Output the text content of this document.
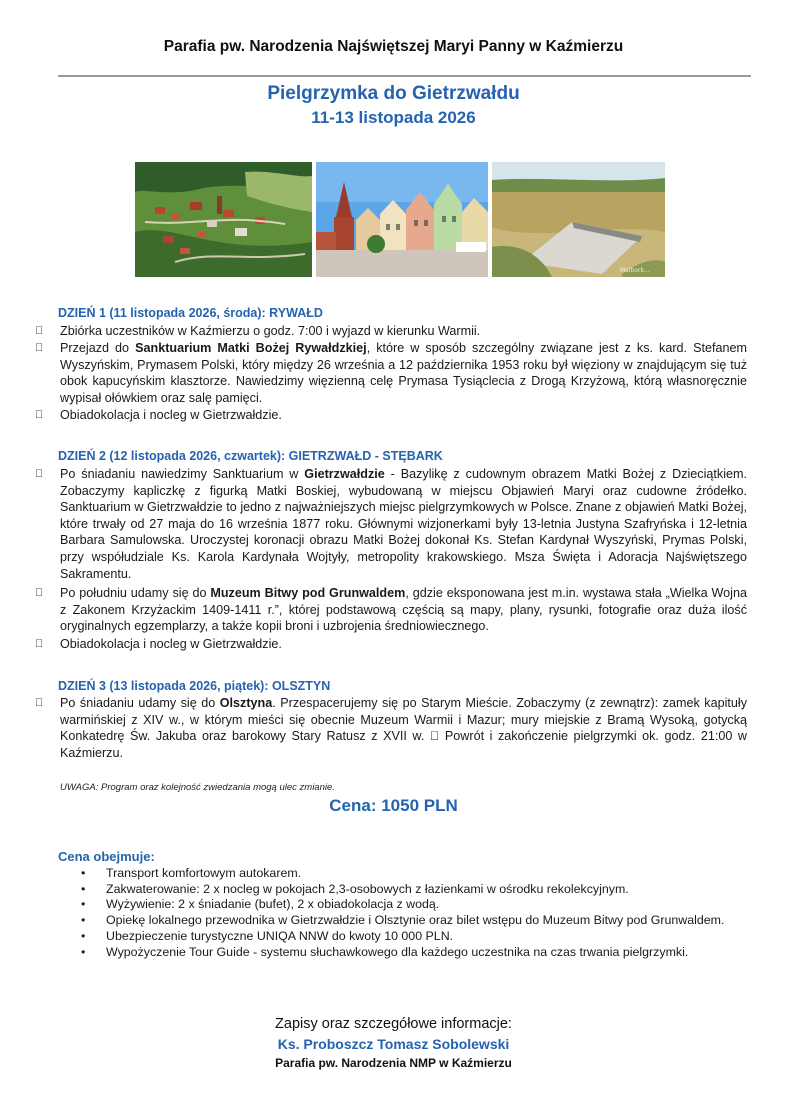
Parafia pw. Narodzenia Najświętszej Maryi Panny w Kaźmierzu
Pielgrzymka do Gietrzwałdu
11-13 listopada 2026
Malbork...
DZIEŃ 1 (11 listopada 2026, środa): RYWAŁD
Zbiórka uczestników w Kaźmierzu o godz. 7:00 i wyjazd w kierunku Warmii.
Przejazd do Sanktuarium Matki Bożej Rywałdzkiej, które w sposób szczególny związane jest z ks. kard. Stefanem Wyszyńskim, Prymasem Polski, który między 26 września a 12 października 1953 roku był więziony w znajdującym się tuż obok kapucyńskim klasztorze. Nawiedzimy więzienną celę Prymasa Tysiąclecia z Drogą Krzyżową, którą własnoręcznie wypisał ołówkiem oraz salę pamięci.
Obiadokolacja i nocleg w Gietrzwałdzie.
DZIEŃ 2 (12 listopada 2026, czwartek): GIETRZWAŁD - STĘBARK
Po śniadaniu nawiedzimy Sanktuarium w Gietrzwałdzie - Bazylikę z cudownym obrazem Matki Bożej z Dzieciątkiem. Zobaczymy kapliczkę z figurką Matki Boskiej, wybudowaną w miejscu Objawień Maryi oraz cudowne źródełko. Sanktuarium w Gietrzwałdzie to jedno z najważniejszych miejsc pielgrzymkowych w Polsce. Znane z objawień Matki Bożej, które trwały od 27 maja do 16 września 1877 roku. Głównymi wizjonerkami były 13-letnia Justyna Szafryńska i 12-letnia Barbara Samulowska. Uroczystej koronacji obrazu Matki Bożej dokonał Ks. Stefan Kardynał Wyszyński, Prymas Polski, przy współudziale Ks. Karola Kardynała Wojtyły, metropolity krakowskiego. Msza Święta i Adoracja Najświętszego Sakramentu.
Po południu udamy się do Muzeum Bitwy pod Grunwaldem, gdzie eksponowana jest m.in. wystawa stała „Wielka Wojna z Zakonem Krzyżackim 1409-1411 r.”, której podstawową częścią są mapy, plany, rysunki, fotografie oraz duża ilość oryginalnych egzemplarzy, a także kopii broni i uzbrojenia średniowiecznego.
Obiadokolacja i nocleg w Gietrzwałdzie.
DZIEŃ 3 (13 listopada 2026, piątek): OLSZTYN
Po śniadaniu udamy się do Olsztyna. Przespacerujemy się po Starym Mieście. Zobaczymy (z zewnątrz): zamek kapituły warmińskiej z XIV w., w którym mieści się obecnie Muzeum Warmii i Mazur; mury miejskie z Bramą Wysoką, gotycką Konkatedrę Św. Jakuba oraz barokowy Stary Ratusz z XVII w. Powrót i zakończenie pielgrzymki ok. godz. 21:00 w Kaźmierzu.
UWAGA: Program oraz kolejność zwiedzania mogą ulec zmianie.
Cena: 1050 PLN
Cena obejmuje:
• Transport komfortowym autokarem.
• Zakwaterowanie: 2 x nocleg w pokojach 2,3-osobowych z łazienkami w ośrodku rekolekcyjnym.
• Wyżywienie: 2 x śniadanie (bufet), 2 x obiadokolacja z wodą.
• Opiekę lokalnego przewodnika w Gietrzwałdzie i Olsztynie oraz bilet wstępu do Muzeum Bitwy pod Grunwaldem.
• Ubezpieczenie turystyczne UNIQA NNW do kwoty 10 000 PLN.
• Wypożyczenie Tour Guide - systemu słuchawkowego dla każdego uczestnika na czas trwania pielgrzymki.
Zapisy oraz szczegółowe informacje:
Ks. Proboszcz Tomasz Sobolewski
Parafia pw. Narodzenia NMP w Kaźmierzu
